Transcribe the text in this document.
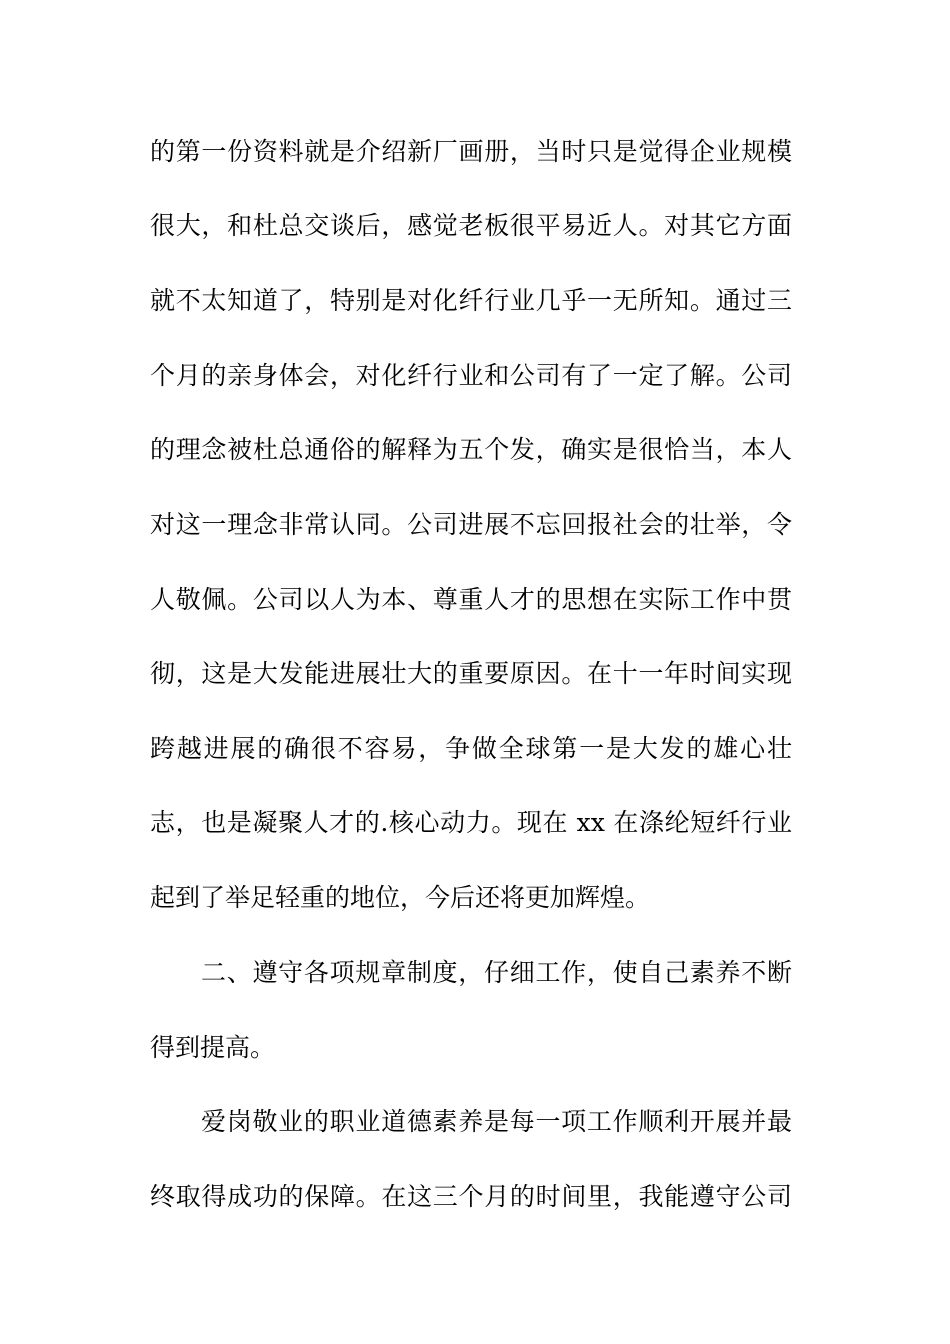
的第一份资料就是介绍新厂画册，当时只是觉得企业规模
很大，和杜总交谈后，感觉老板很平易近人。对其它方面
就不太知道了，特别是对化纤行业几乎一无所知。通过三
个月的亲身体会，对化纤行业和公司有了一定了解。公司
的理念被杜总通俗的解释为五个发，确实是很恰当，本人
对这一理念非常认同。公司进展不忘回报社会的壮举，令
人敬佩。公司以人为本、尊重人才的思想在实际工作中贯
彻，这是大发能进展壮大的重要原因。在十一年时间实现
跨越进展的确很不容易，争做全球第一是大发的雄心壮
志，也是凝聚人才的.核心动力。现在 xx 在涤纶短纤行业
起到了举足轻重的地位，今后还将更加辉煌。
二、遵守各项规章制度，仔细工作，使自己素养不断
得到提高。
爱岗敬业的职业道德素养是每一项工作顺利开展并最
终取得成功的保障。在这三个月的时间里，我能遵守公司
